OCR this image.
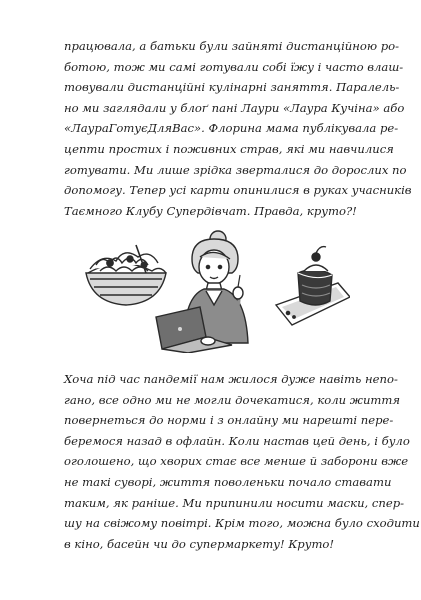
працювала, а батьки були зайняті дистанційною ро-
ботою, тож ми самі готували собі їжу і часто влаш-
товували дистанційні кулінарні заняття. Паралель-
но ми заглядали у блоґ пані Лаури «Лаура Кучіна» або
«ЛаураГотуєДляВас». Флорина мама публікувала ре-
цепти простих і поживних страв, які ми навчилися
готувати. Ми лише зрідка зверталися до дорослих по
допомогу. Тепер усі карти опинилися в руках учасників
Таємного Клубу Супердівчат. Правда, круто?!
Хоча під час пандемії нам жилося дуже навіть непо-
гано, все одно ми не могли дочекатися, коли життя
повернеться до норми і з онлайну ми нарешті пере-
беремося назад в офлайн. Коли настав цей день, і було
оголошено, що хворих стає все менше й заборони вже
не такі суворі, життя поволеньки почало ставати
таким, як раніше. Ми припинили носити маски, спер-
шу на свіжому повітрі. Крім того, можна було сходити
в кіно, басейн чи до супермаркету! Круто!
